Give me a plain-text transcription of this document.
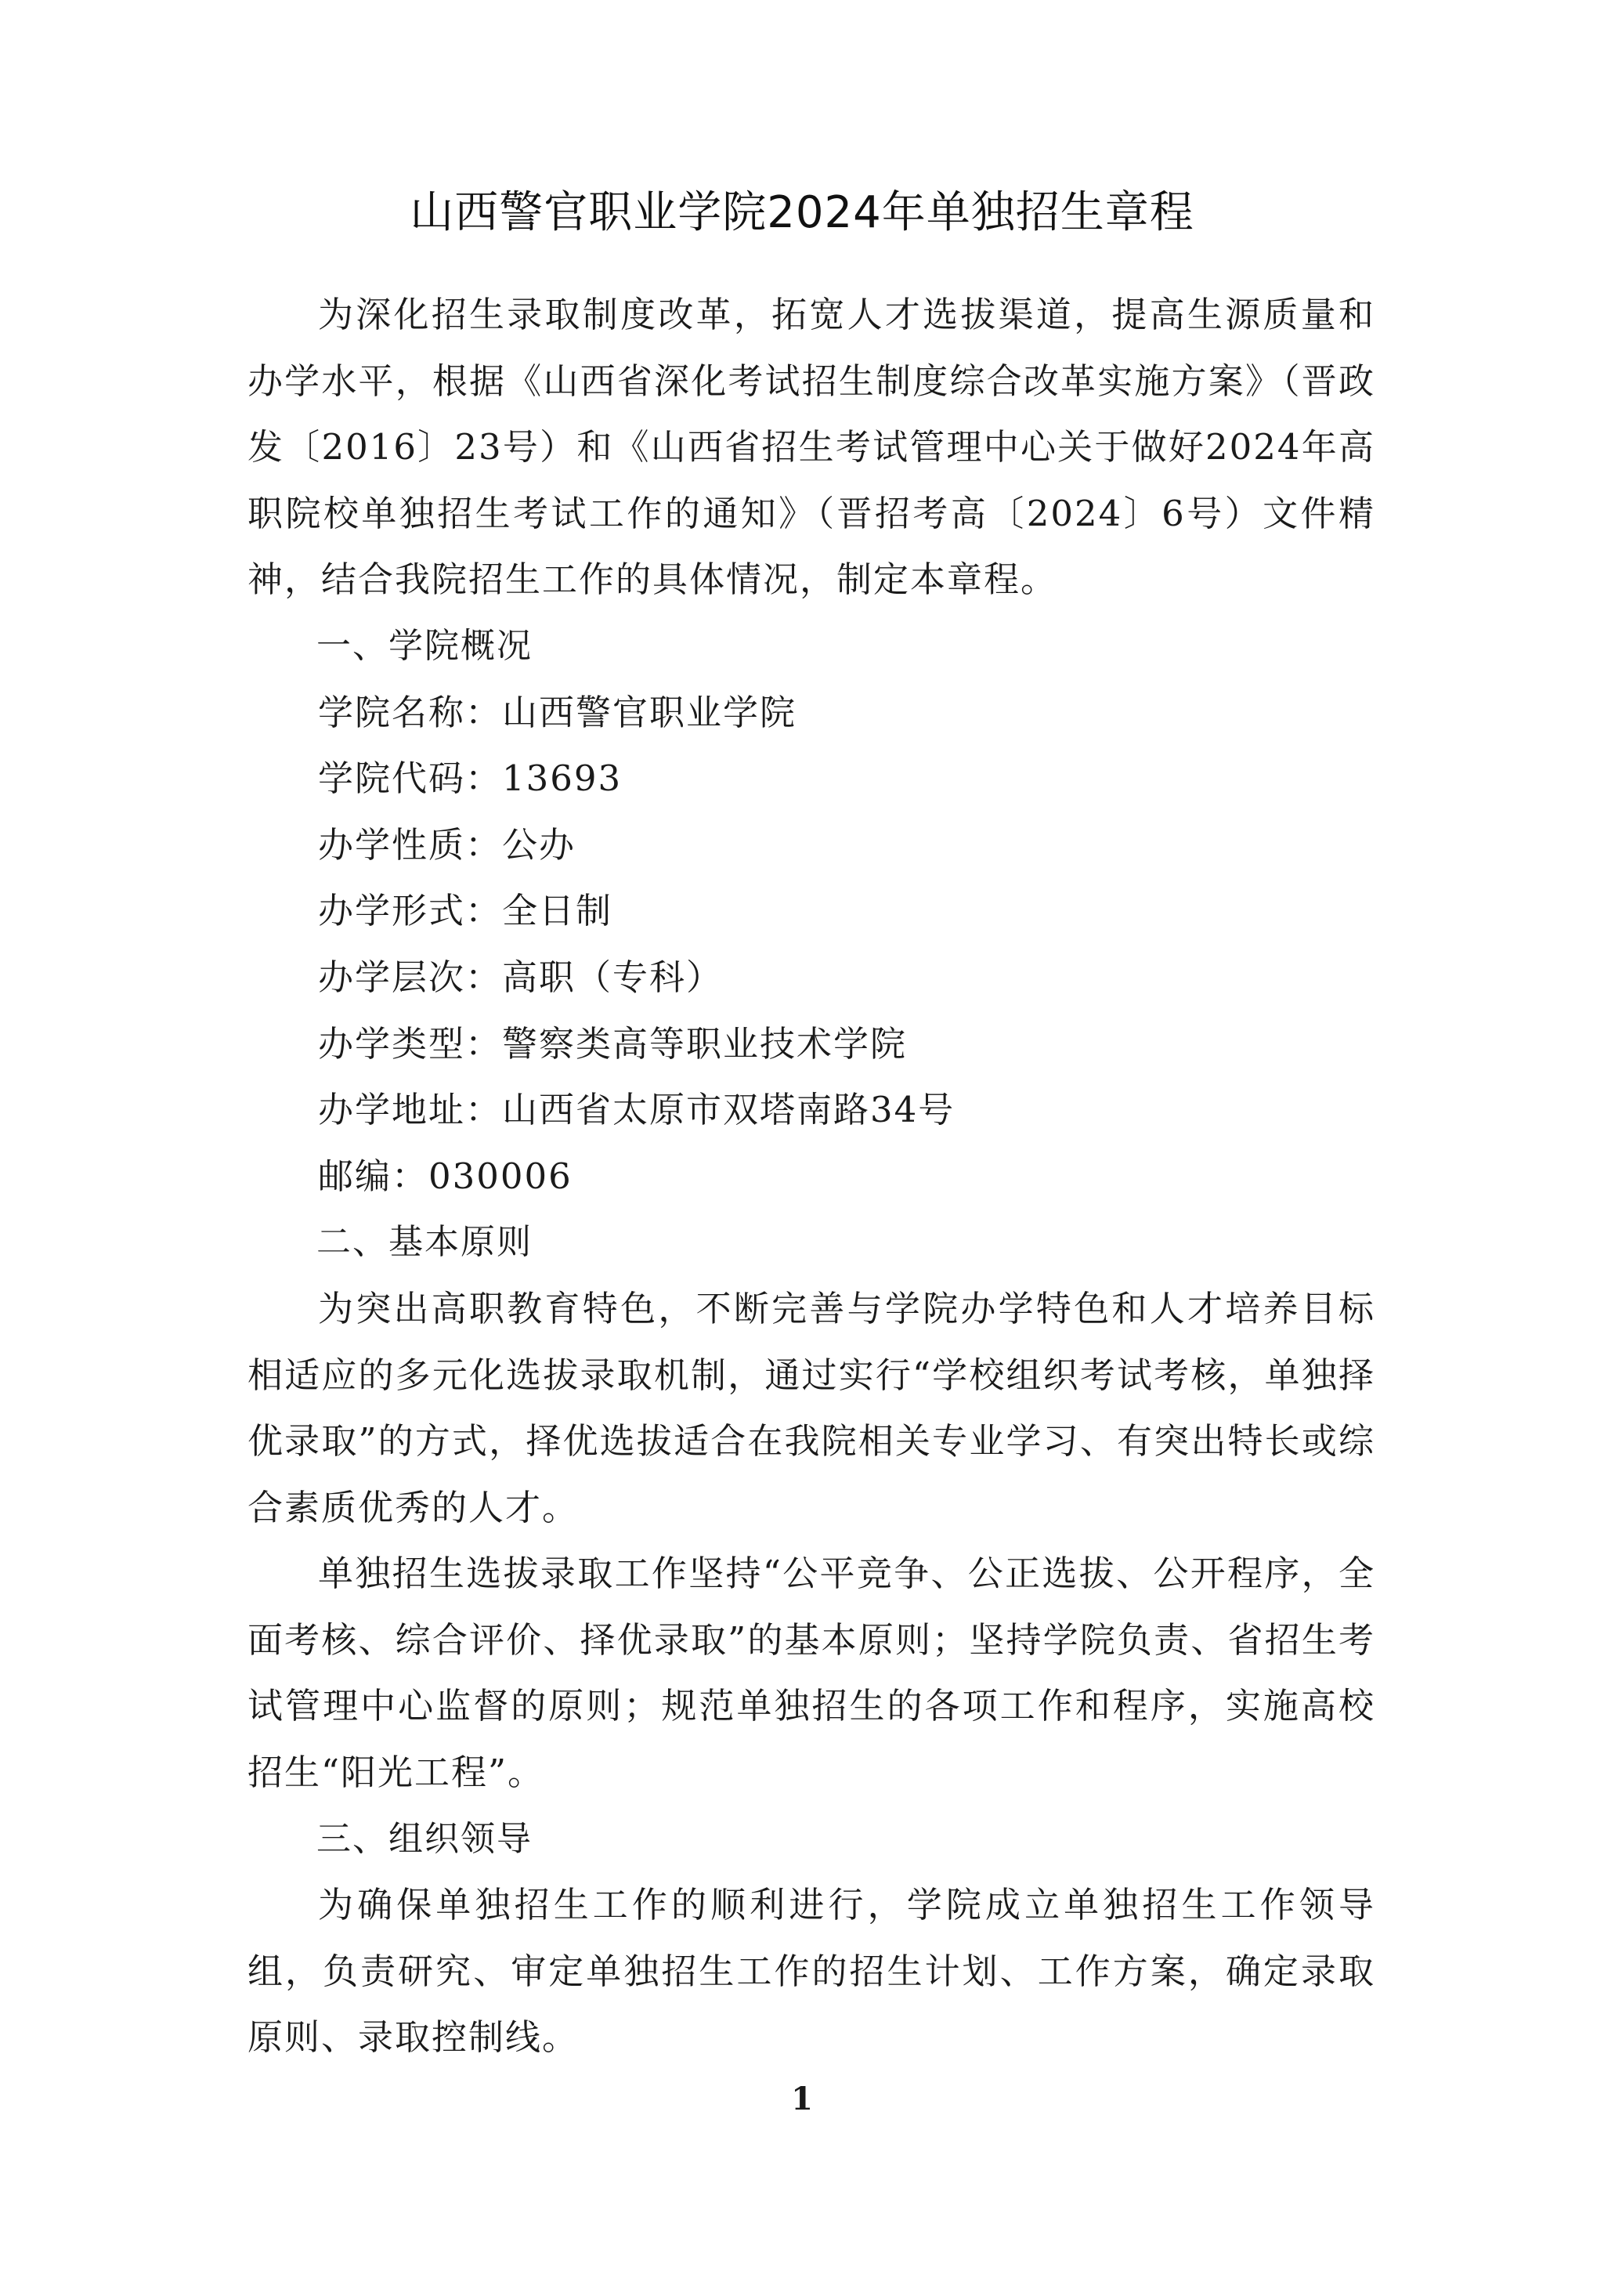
山西警官职业学院2024年单独招生章程

为深化招生录取制度改革，拓宽人才选拔渠道，提高生源质量和办学水平，根据《山西省深化考试招生制度综合改革实施方案》（晋政发〔2016〕23号）和《山西省招生考试管理中心关于做好2024年高职院校单独招生考试工作的通知》（晋招考高〔2024〕6号）文件精神，结合我院招生工作的具体情况，制定本章程。

一、学院概况

学院名称：山西警官职业学院

学院代码：13693

办学性质：公办

办学形式：全日制

办学层次：高职（专科）

办学类型：警察类高等职业技术学院

办学地址：山西省太原市双塔南路34号

邮编：030006

二、基本原则

为突出高职教育特色，不断完善与学院办学特色和人才培养目标相适应的多元化选拔录取机制，通过实行“学校组织考试考核，单独择优录取”的方式，择优选拔适合在我院相关专业学习、有突出特长或综合素质优秀的人才。

单独招生选拔录取工作坚持“公平竞争、公正选拔、公开程序，全面考核、综合评价、择优录取”的基本原则；坚持学院负责、省招生考试管理中心监督的原则；规范单独招生的各项工作和程序，实施高校招生“阳光工程”。

三、组织领导

为确保单独招生工作的顺利进行，学院成立单独招生工作领导组，负责研究、审定单独招生工作的招生计划、工作方案，确定录取原则、录取控制线。

1
